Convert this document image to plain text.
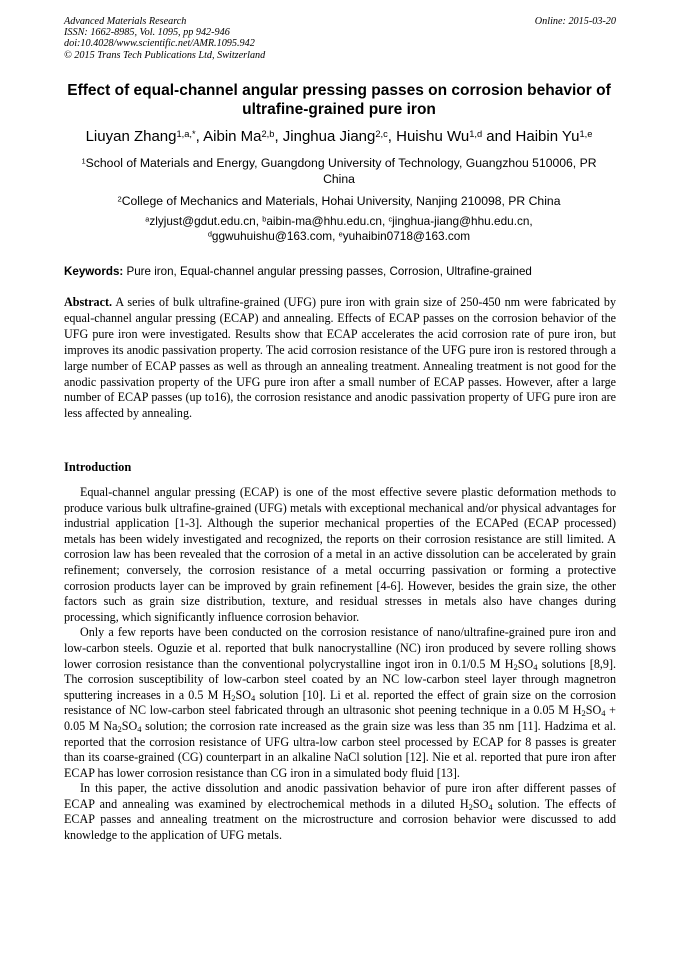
Advanced Materials Research
ISSN: 1662-8985, Vol. 1095, pp 942-946
doi:10.4028/www.scientific.net/AMR.1095.942
© 2015 Trans Tech Publications Ltd, Switzerland
Online: 2015-03-20
Effect of equal-channel angular pressing passes on corrosion behavior of ultrafine-grained pure iron
Liuyan Zhang$^{1,a,*}$, Aibin Ma$^{2,b}$, Jinghua Jiang$^{2,c}$, Huishu Wu$^{1,d}$ and Haibin Yu$^{1,e}$
$^1$School of Materials and Energy, Guangdong University of Technology, Guangzhou 510006, PR China
$^2$College of Mechanics and Materials, Hohai University, Nanjing 210098, PR China
$^a$zlyjust@gdut.edu.cn, $^b$aibin-ma@hhu.edu.cn, $^c$jinghua-jiang@hhu.edu.cn,
$^d$ggwuhuishu@163.com, $^e$yuhaibin0718@163.com
Keywords: Pure iron, Equal-channel angular pressing passes, Corrosion, Ultrafine-grained
Abstract. A series of bulk ultrafine-grained (UFG) pure iron with grain size of 250-450 nm were fabricated by equal-channel angular pressing (ECAP) and annealing. Effects of ECAP passes on the corrosion behavior of the UFG pure iron were investigated. Results show that ECAP accelerates the acid corrosion rate of pure iron, but improves its anodic passivation property. The acid corrosion resistance of the UFG pure iron is restored through a large number of ECAP passes as well as through an annealing treatment. Annealing treatment is not good for the anodic passivation property of the UFG pure iron after a small number of ECAP passes. However, after a large number of ECAP passes (up to16), the corrosion resistance and anodic passivation property of UFG pure iron are less affected by annealing.
Introduction

Equal-channel angular pressing (ECAP) is one of the most effective severe plastic deformation methods to produce various bulk ultrafine-grained (UFG) metals with exceptional mechanical and/or physical advantages for industrial application [1-3]. Although the superior mechanical properties of the ECAPed (ECAP processed) metals has been widely investigated and recognized, the reports on their corrosion resistance are still limited. A corrosion law has been revealed that the corrosion of a metal in an active dissolution can be accelerated by grain refinement; conversely, the corrosion resistance of a metal occurring passivation or forming a protective corrosion products layer can be improved by grain refinement [4-6]. However, besides the grain size, the other factors such as grain size distribution, texture, and residual stresses in metals also have changes during processing, which significantly influence corrosion behavior.

Only a few reports have been conducted on the corrosion resistance of nano/ultrafine-grained pure iron and low-carbon steels. Oguzie et al. reported that bulk nanocrystalline (NC) iron produced by severe rolling shows lower corrosion resistance than the conventional polycrystalline ingot iron in 0.1/0.5 M $H_2SO_4$ solutions [8,9]. The corrosion susceptibility of low-carbon steel coated by an NC low-carbon steel layer through magnetron sputtering increases in a 0.5 M $H_2SO_4$ solution [10]. Li et al. reported the effect of grain size on the corrosion resistance of NC low-carbon steel fabricated through an ultrasonic shot peening technique in a 0.05 M $H_2SO_4 + 0.05$ M $Na_2SO_4$ solution; the corrosion rate increased as the grain size was less than 35 nm [11]. Hadzima et al. reported that the corrosion resistance of UFG ultra-low carbon steel processed by ECAP for 8 passes is greater than its coarse-grained (CG) counterpart in an alkaline NaCl solution [12]. Nie et al. reported that pure iron after ECAP has lower corrosion resistance than CG iron in a simulated body fluid [13].

In this paper, the active dissolution and anodic passivation behavior of pure iron after different passes of ECAP and annealing was examined by electrochemical methods in a diluted $H_2SO_4$ solution. The effects of ECAP passes and annealing treatment on the microstructure and corrosion behavior were discussed to add knowledge to the application of UFG metals.
